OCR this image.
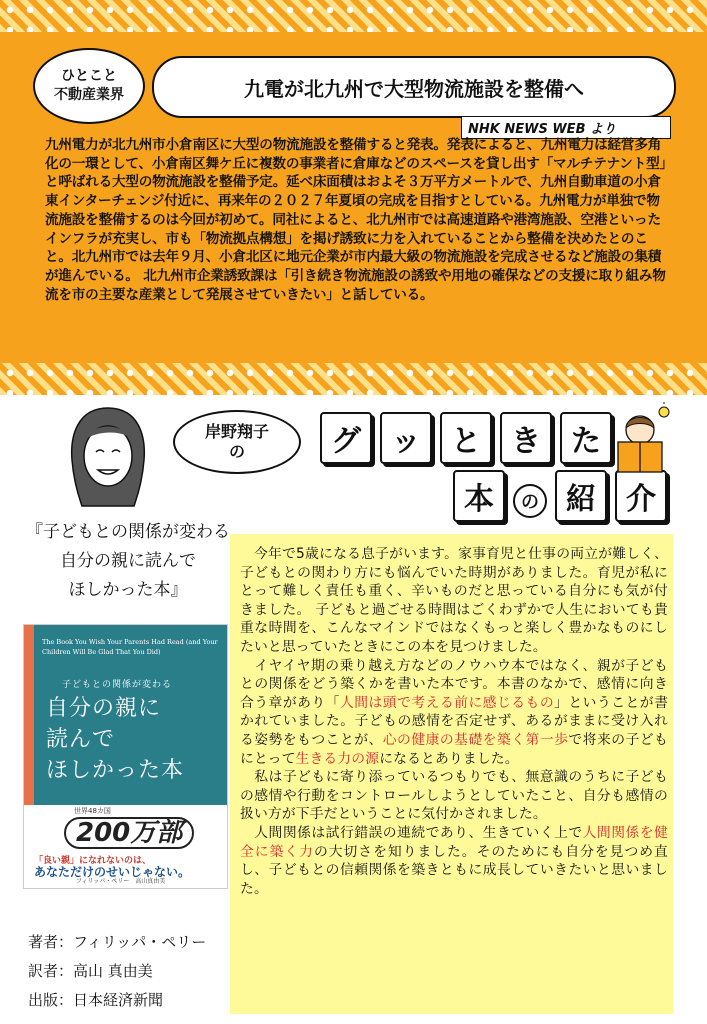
ひとこと
不動産業界	九電が北九州で大型物流施設を整備へ
NHK NEWS WEB より
九州電力が北九州市小倉南区に大型の物流施設を整備すると発表。発表によると、九州電力は経営多角化の一環として、小倉南区舞ケ丘に複数の事業者に倉庫などのスペースを貸し出す「マルチテナント型」と呼ばれる大型の物流施設を整備予定。延べ床面積はおよそ３万平方メートルで、九州自動車道の小倉東インターチェンジ付近に、再来年の２０２７年夏頃の完成を目指すとしている。九州電力が単独で物流施設を整備するのは今回が初めて。同社によると、北九州市では高速道路や港湾施設、空港といったインフラが充実し、市も「物流拠点構想」を掲げ誘致に力を入れていることから整備を決めたとのこと。北九州市では去年９月、小倉北区に地元企業が市内最大級の物流施設を完成させるなど施設の集積が進んでいる。 北九州市企業誘致課は「引き続き物流施設の誘致や用地の確保などの支援に取り組み物流を市の主要な産業として発展させていきたい」と話している。
岸野翔子
の	グ	ッ	と	き	た
本	の 紹	介
『子どもとの関係が変わる
自分の親に読んで
ほしかった本』
The Book You Wish Your Parents Had Read (and Your Children Will Be Glad That You Did)
子どもとの関係が変わる
自分の親に
読んで
ほしかった本
世界48カ国
200万部
「良い親」になれないのは、
あなただけのせいじゃない。
フィリッパ・ペリー　高山真由美
著者：フィリッパ・ペリー
訳者：高山 真由美
出版：日本経済新聞
　今年で5歳になる息子がいます。家事育児と仕事の両立が難しく、子どもとの関わり方にも悩んでいた時期がありました。育児が私にとって難しく責任も重く、辛いものだと思っている自分にも気が付きました。 子どもと過ごせる時間はごくわずかで人生においても貴重な時間を、こんなマインドではなくもっと楽しく豊かなものにしたいと思っていたときにこの本を見つけました。
　イヤイヤ期の乗り越え方などのノウハウ本ではなく、親が子どもとの関係をどう築くかを書いた本です。本書のなかで、感情に向き合う章があり「人間は頭で考える前に感じるもの」ということが書かれていました。子どもの感情を否定せず、あるがままに受け入れる姿勢をもつことが、心の健康の基礎を築く第一歩で将来の子どもにとって生きる力の源になるとありました。
　私は子どもに寄り添っているつもりでも、無意識のうちに子どもの感情や行動をコントロールしようとしていたこと、自分も感情の扱い方が下手だということに気付かされました。
　人間関係は試行錯誤の連続であり、生きていく上で人間関係を健全に築く力の大切さを知りました。そのためにも自分を見つめ直し、子どもとの信頼関係を築きともに成長していきたいと思いました。
